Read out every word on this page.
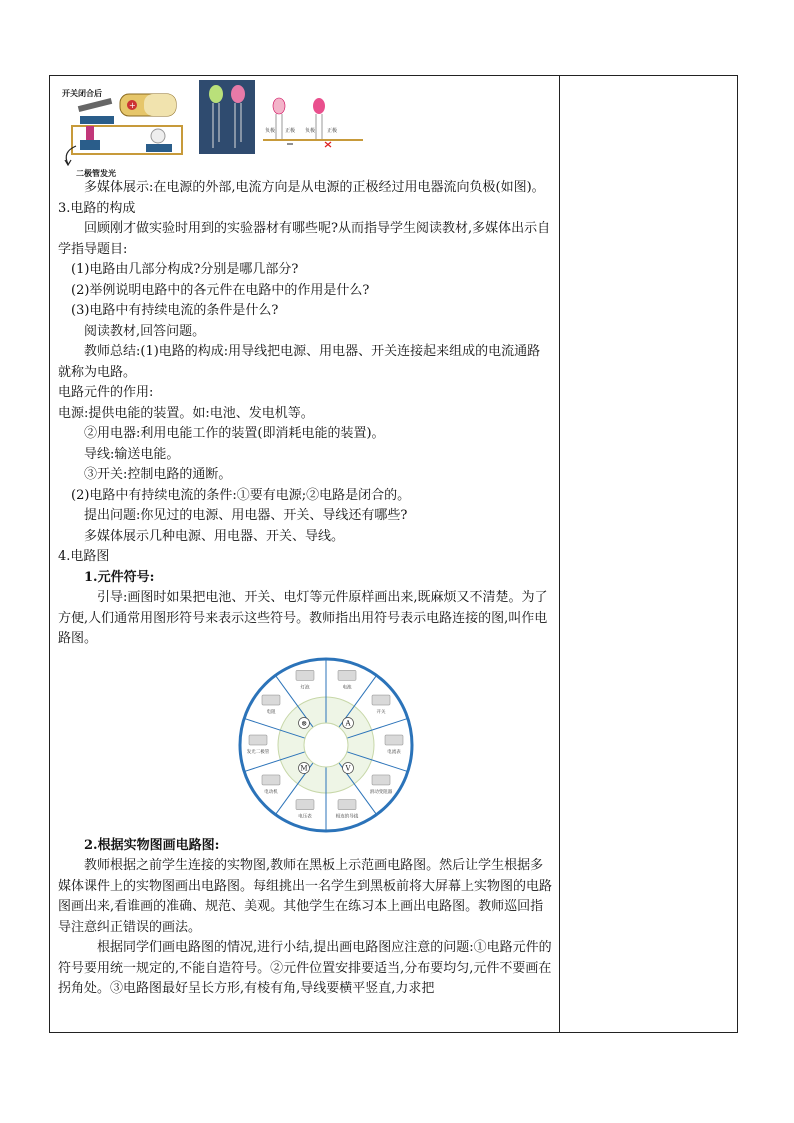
开关闭合后
+
二极管发光
负极 正极 负极 正极

多媒体展示:在电源的外部,电流方向是从电源的正极经过用电器流向负极(如图)。

3.电路的构成

回顾刚才做实验时用到的实验器材有哪些呢?从而指导学生阅读教材,多媒体出示自学指导题目:

(1)电路由几部分构成?分别是哪几部分?

(2)举例说明电路中的各元件在电路中的作用是什么?

(3)电路中有持续电流的条件是什么?

阅读教材,回答问题。

教师总结:(1)电路的构成:用导线把电源、用电器、开关连接起来组成的电流通路就称为电路。

电路元件的作用:

电源:提供电能的装置。如:电池、发电机等。

②用电器:利用电能工作的装置(即消耗电能的装置)。

导线:输送电能。

③开关:控制电路的通断。

(2)电路中有持续电流的条件:①要有电源;②电路是闭合的。

提出问题:你见过的电源、用电器、开关、导线还有哪些?

多媒体展示几种电源、用电器、开关、导线。

4.电路图

1.元件符号:

引导:画图时如果把电池、开关、电灯等元件原样画出来,既麻烦又不清楚。为了方便,人们通常用图形符号来表示这些符号。教师指出用符号表示电路连接的图,叫作电路图。

电池
开关
电流表
滑动变阻器
相连的导线
电压表
电动机
发光二极管
电阻
灯泡
A
V
M
⊗

2.根据实物图画电路图:

教师根据之前学生连接的实物图,教师在黑板上示范画电路图。然后让学生根据多媒体课件上的实物图画出电路图。每组挑出一名学生到黑板前将大屏幕上实物图的电路图画出来,看谁画的准确、规范、美观。其他学生在练习本上画出电路图。教师巡回指导注意纠正错误的画法。

根据同学们画电路图的情况,进行小结,提出画电路图应注意的问题:①电路元件的符号要用统一规定的,不能自造符号。②元件位置安排要适当,分布要均匀,元件不要画在拐角处。③电路图最好呈长方形,有棱有角,导线要横平竖直,力求把
